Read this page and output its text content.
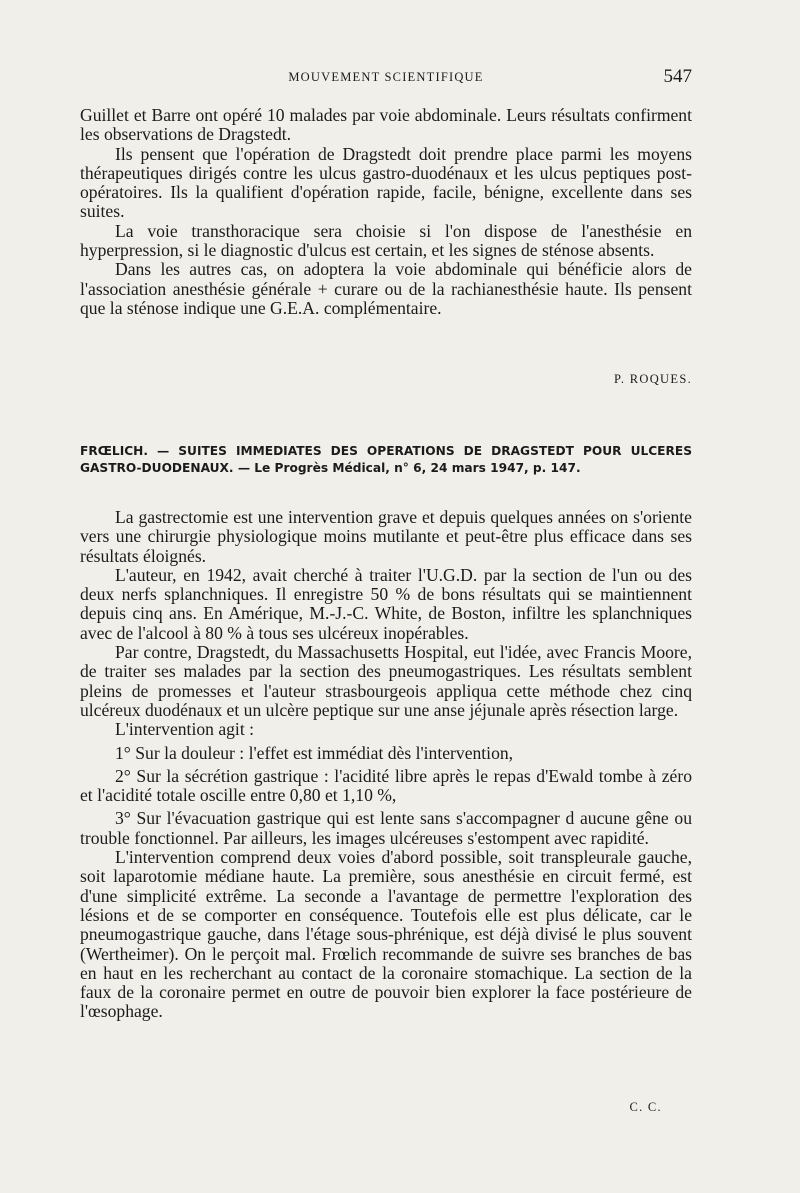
MOUVEMENT SCIENTIFIQUE	547

Guillet et Barre ont opéré 10 malades par voie abdominale. Leurs résultats confirment les observations de Dragstedt.

Ils pensent que l'opération de Dragstedt doit prendre place parmi les moyens thérapeutiques dirigés contre les ulcus gastro-duodénaux et les ulcus peptiques post-opératoires. Ils la qualifient d'opération rapide, facile, bénigne, excellente dans ses suites.

La voie transthoracique sera choisie si l'on dispose de l'anesthésie en hyperpression, si le diagnostic d'ulcus est certain, et les signes de sténose absents.

Dans les autres cas, on adoptera la voie abdominale qui bénéficie alors de l'association anesthésie générale + curare ou de la rachianesthésie haute. Ils pensent que la sténose indique une G.E.A. complémentaire.

P. ROQUES.
FRŒLICH. — SUITES IMMEDIATES DES OPERATIONS DE DRAGSTEDT POUR ULCERES GASTRO-DUODENAUX. — Le Progrès Médical, n° 6, 24 mars 1947, p. 147.

La gastrectomie est une intervention grave et depuis quelques années on s'oriente vers une chirurgie physiologique moins mutilante et peut-être plus efficace dans ses résultats éloignés.

L'auteur, en 1942, avait cherché à traiter l'U.G.D. par la section de l'un ou des deux nerfs splanchniques. Il enregistre 50 % de bons résultats qui se maintiennent depuis cinq ans. En Amérique, M.-J.-C. White, de Boston, infiltre les splanchniques avec de l'alcool à 80 % à tous ses ulcéreux inopérables.

Par contre, Dragstedt, du Massachusetts Hospital, eut l'idée, avec Francis Moore, de traiter ses malades par la section des pneumogastriques. Les résultats semblent pleins de promesses et l'auteur strasbourgeois appliqua cette méthode chez cinq ulcéreux duodénaux et un ulcère peptique sur une anse jéjunale après résection large.

L'intervention agit :

1° Sur la douleur : l'effet est immédiat dès l'intervention,

2° Sur la sécrétion gastrique : l'acidité libre après le repas d'Ewald tombe à zéro et l'acidité totale oscille entre 0,80 et 1,10 %,

3° Sur l'évacuation gastrique qui est lente sans s'accompagner d aucune gêne ou trouble fonctionnel. Par ailleurs, les images ulcéreuses s'estompent avec rapidité.

L'intervention comprend deux voies d'abord possible, soit transpleurale gauche, soit laparotomie médiane haute. La première, sous anesthésie en circuit fermé, est d'une simplicité extrême. La seconde a l'avantage de permettre l'exploration des lésions et de se comporter en conséquence. Toutefois elle est plus délicate, car le pneumogastrique gauche, dans l'étage sous-phrénique, est déjà divisé le plus souvent (Wertheimer). On le perçoit mal. Frœlich recommande de suivre ses branches de bas en haut en les recherchant au contact de la coronaire stomachique. La section de la faux de la coronaire permet en outre de pouvoir bien explorer la face postérieure de l'œsophage.

C. C.
